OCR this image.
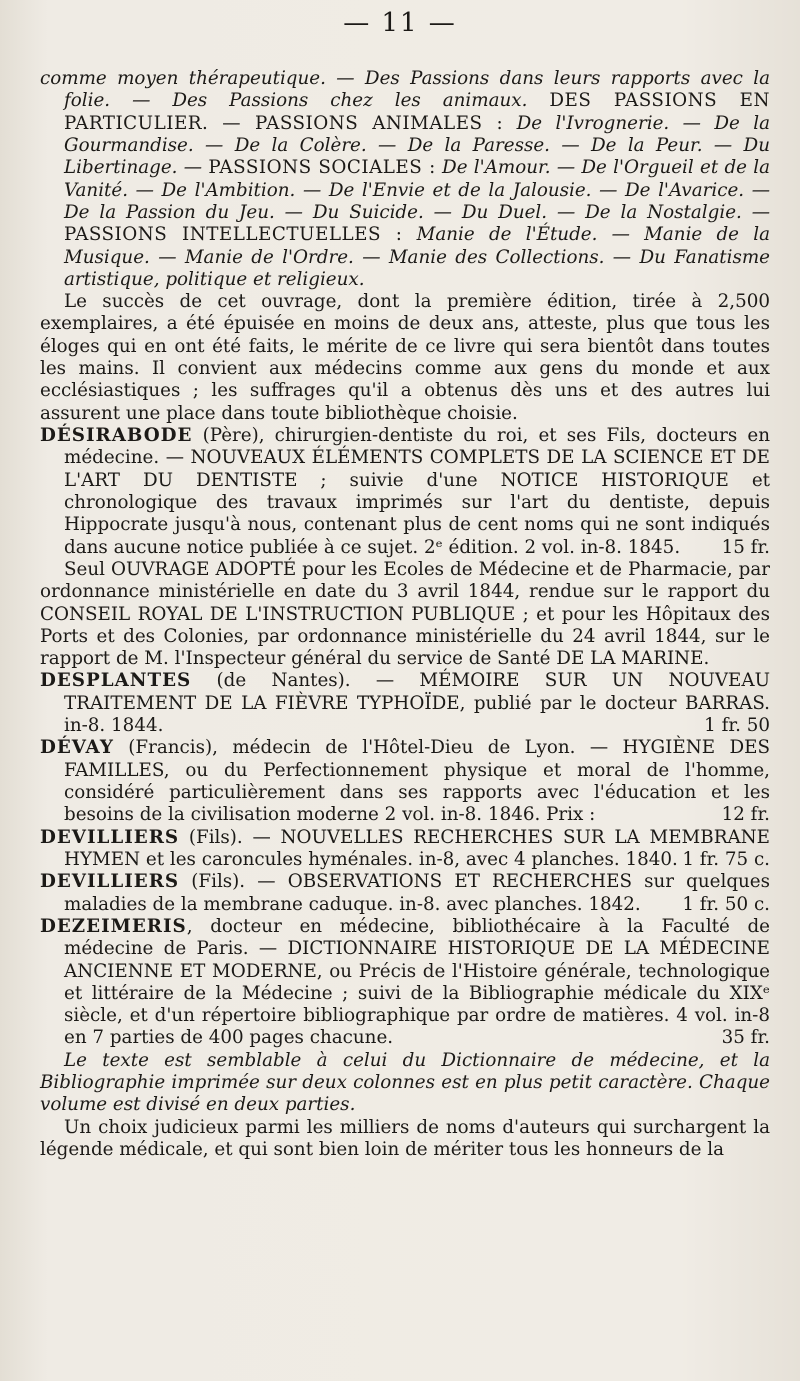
— 11 —

comme moyen thérapeutique. — Des Passions dans leurs rapports avec la folie. — Des Passions chez les animaux. DES PASSIONS EN PARTICULIER. — PASSIONS ANIMALES : De l'Ivrognerie. — De la Gourmandise. — De la Colère. — De la Paresse. — De la Peur. — Du Libertinage. — PASSIONS SOCIALES : De l'Amour. — De l'Orgueil et de la Vanité. — De l'Ambition. — De l'Envie et de la Jalousie. — De l'Avarice. — De la Passion du Jeu. — Du Suicide. — Du Duel. — De la Nostalgie. — PASSIONS INTELLECTUELLES : Manie de l'Étude. — Manie de la Musique. — Manie de l'Ordre. — Manie des Collections. — Du Fanatisme artistique, politique et religieux.

Le succès de cet ouvrage, dont la première édition, tirée à 2,500 exemplaires, a été épuisée en moins de deux ans, atteste, plus que tous les éloges qui en ont été faits, le mérite de ce livre qui sera bientôt dans toutes les mains. Il convient aux médecins comme aux gens du monde et aux ecclésiastiques ; les suffrages qu'il a obtenus dès uns et des autres lui assurent une place dans toute bibliothèque choisie.

DÉSIRABODE (Père), chirurgien-dentiste du roi, et ses Fils, docteurs en médecine. — NOUVEAUX ÉLÉMENTS COMPLETS DE LA SCIENCE ET DE L'ART DU DENTISTE ; suivie d'une NOTICE HISTORIQUE et chronologique des travaux imprimés sur l'art du dentiste, depuis Hippocrate jusqu'à nous, contenant plus de cent noms qui ne sont indiqués dans aucune notice publiée à ce sujet. 2ᵉ édition. 2 vol. in-8. 1845. 15 fr.

Seul OUVRAGE ADOPTÉ pour les Ecoles de Médecine et de Pharmacie, par ordonnance ministérielle en date du 3 avril 1844, rendue sur le rapport du CONSEIL ROYAL DE L'INSTRUCTION PUBLIQUE ; et pour les Hôpitaux des Ports et des Colonies, par ordonnance ministérielle du 24 avril 1844, sur le rapport de M. l'Inspecteur général du service de Santé DE LA MARINE.

DESPLANTES (de Nantes). — MÉMOIRE SUR UN NOUVEAU TRAITEMENT DE LA FIÈVRE TYPHOÏDE, publié par le docteur BARRAS. in-8. 1844.	1 fr. 50

DÉVAY (Francis), médecin de l'Hôtel-Dieu de Lyon. — HYGIÈNE DES FAMILLES, ou du Perfectionnement physique et moral de l'homme, considéré particulièrement dans ses rapports avec l'éducation et les besoins de la civilisation moderne 2 vol. in-8. 1846. Prix :	12 fr.

DEVILLIERS (Fils). — NOUVELLES RECHERCHES SUR LA MEMBRANE HYMEN et les caroncules hyménales. in-8, avec 4 planches. 1840. 1 fr. 75 c.

DEVILLIERS (Fils). — OBSERVATIONS ET RECHERCHES sur quelques maladies de la membrane caduque. in-8. avec planches. 1842. 1 fr. 50 c.

DEZEIMERIS, docteur en médecine, bibliothécaire à la Faculté de médecine de Paris. — DICTIONNAIRE HISTORIQUE DE LA MÉDECINE ANCIENNE ET MODERNE, ou Précis de l'Histoire générale, technologique et littéraire de la Médecine ; suivi de la Bibliographie médicale du XIXᵉ siècle, et d'un répertoire bibliographique par ordre de matières. 4 vol. in-8 en 7 parties de 400 pages chacune.	35 fr.

Le texte est semblable à celui du Dictionnaire de médecine, et la Bibliographie imprimée sur deux colonnes est en plus petit caractère. Chaque volume est divisé en deux parties.

Un choix judicieux parmi les milliers de noms d'auteurs qui surchargent la légende médicale, et qui sont bien loin de mériter tous les honneurs de la
